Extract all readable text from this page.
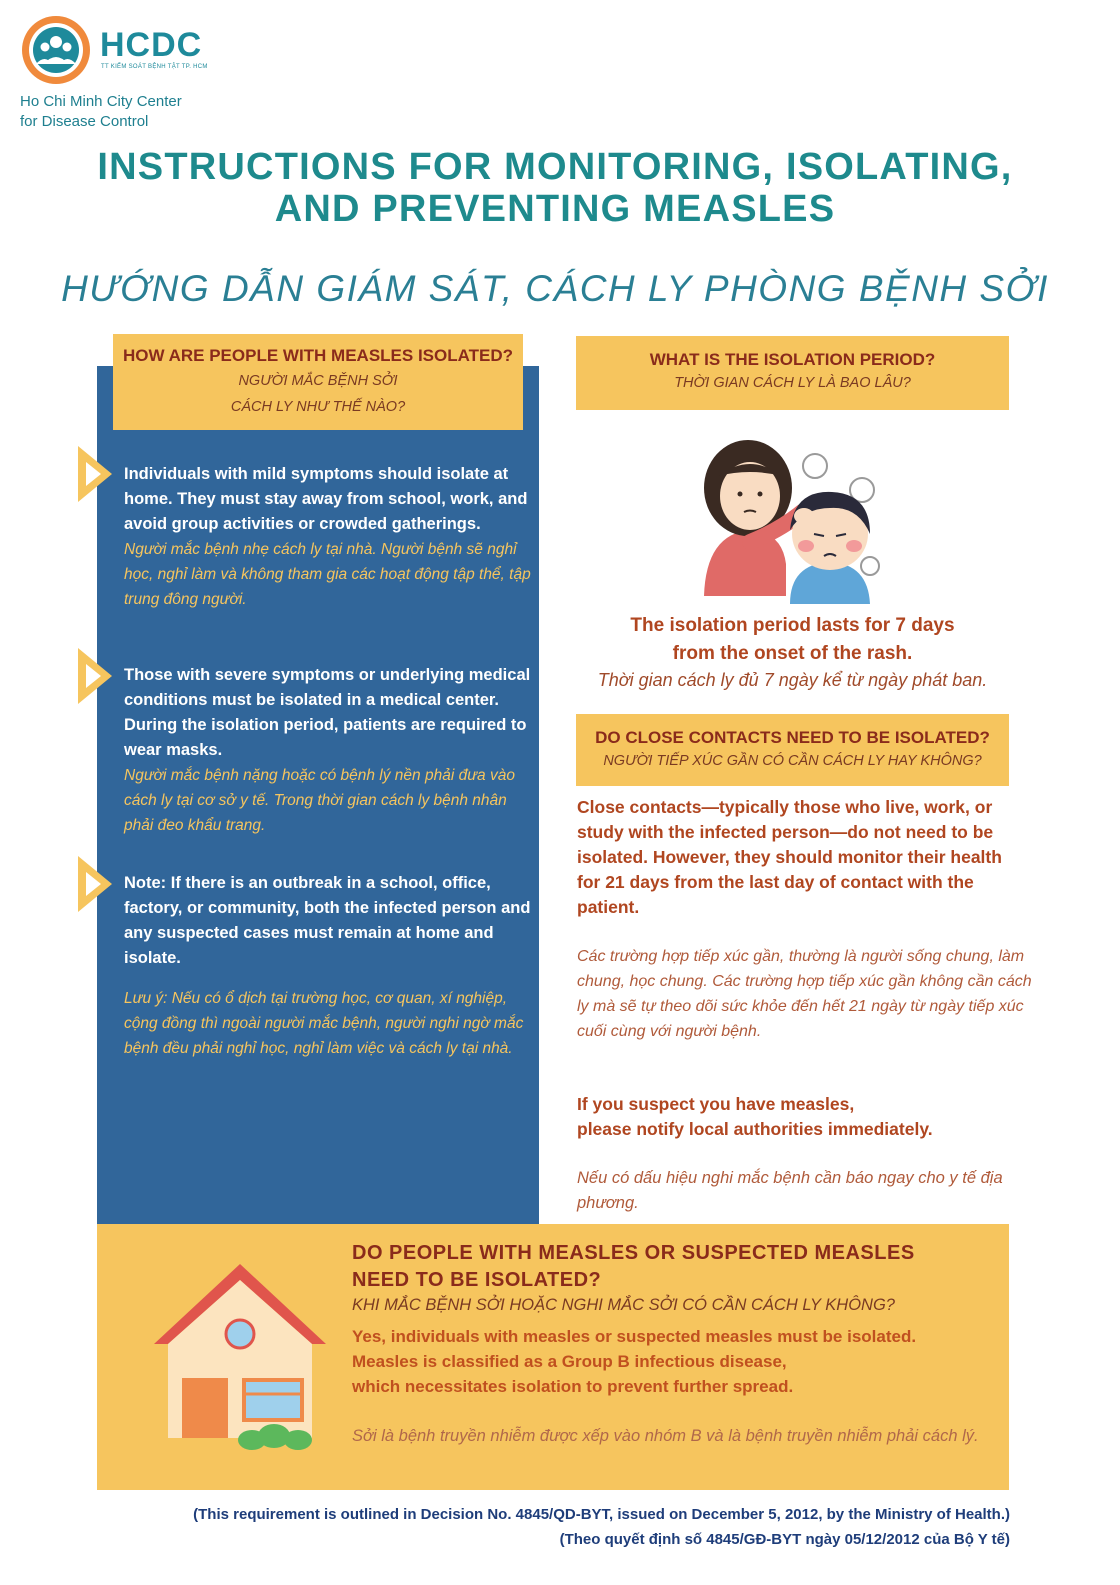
HCDC
TT KIỂM SOÁT BỆNH TẬT TP. HCM
Ho Chi Minh City Center
for Disease Control
INSTRUCTIONS FOR MONITORING, ISOLATING,
AND PREVENTING MEASLES
HƯỚNG DẪN GIÁM SÁT, CÁCH LY PHÒNG BỆNH SỞI
HOW ARE PEOPLE WITH MEASLES ISOLATED?
NGƯỜI MẮC BỆNH SỞI
CÁCH LY NHƯ THẾ NÀO?
Individuals with mild symptoms should isolate at home. They must stay away from school, work, and avoid group activities or crowded gatherings.
Người mắc bệnh nhẹ cách ly tại nhà. Người bệnh sẽ nghỉ học, nghỉ làm và không tham gia các hoạt động tập thể, tập trung đông người.
Those with severe symptoms or underlying medical conditions must be isolated in a medical center. During the isolation period, patients are required to wear masks.
Người mắc bệnh nặng hoặc có bệnh lý nền phải đưa vào cách ly tại cơ sở y tế. Trong thời gian cách ly bệnh nhân phải đeo khẩu trang.
Note: If there is an outbreak in a school, office, factory, or community, both the infected person and any suspected cases must remain at home and isolate.
Lưu ý: Nếu có ổ dịch tại trường học, cơ quan, xí nghiệp, cộng đồng thì ngoài người mắc bệnh, người nghi ngờ mắc bệnh đều phải nghỉ học, nghỉ làm việc và cách ly tại nhà.
WHAT IS THE ISOLATION PERIOD?
THỜI GIAN CÁCH LY LÀ BAO LÂU?
The isolation period lasts for 7 days
from the onset of the rash.
Thời gian cách ly đủ 7 ngày kể từ ngày phát ban.
DO CLOSE CONTACTS NEED TO BE ISOLATED?
NGƯỜI TIẾP XÚC GẦN CÓ CẦN CÁCH LY HAY KHÔNG?
Close contacts—typically those who live, work, or study with the infected person—do not need to be isolated. However, they should monitor their health for 21 days from the last day of contact with the patient.
Các trường hợp tiếp xúc gần, thường là người sống chung, làm chung, học chung. Các trường hợp tiếp xúc gần không cần cách ly mà sẽ tự theo dõi sức khỏe đến hết 21 ngày từ ngày tiếp xúc cuối cùng với người bệnh.
If you suspect you have measles,
please notify local authorities immediately.
Nếu có dấu hiệu nghi mắc bệnh cần báo ngay cho y tế địa phương.
DO PEOPLE WITH MEASLES OR SUSPECTED MEASLES
NEED TO BE ISOLATED?
KHI MẮC BỆNH SỞI HOẶC NGHI MẮC SỞI CÓ CẦN CÁCH LY KHÔNG?
Yes, individuals with measles or suspected measles must be isolated.
Measles is classified as a Group B infectious disease,
which necessitates isolation to prevent further spread.
Sởi là bệnh truyền nhiễm được xếp vào nhóm B và là bệnh truyền nhiễm phải cách lý.
(This requirement is outlined in Decision No. 4845/QD-BYT, issued on December 5, 2012, by the Ministry of Health.)
(Theo quyết định số 4845/GĐ-BYT ngày 05/12/2012 của Bộ Y tế)
